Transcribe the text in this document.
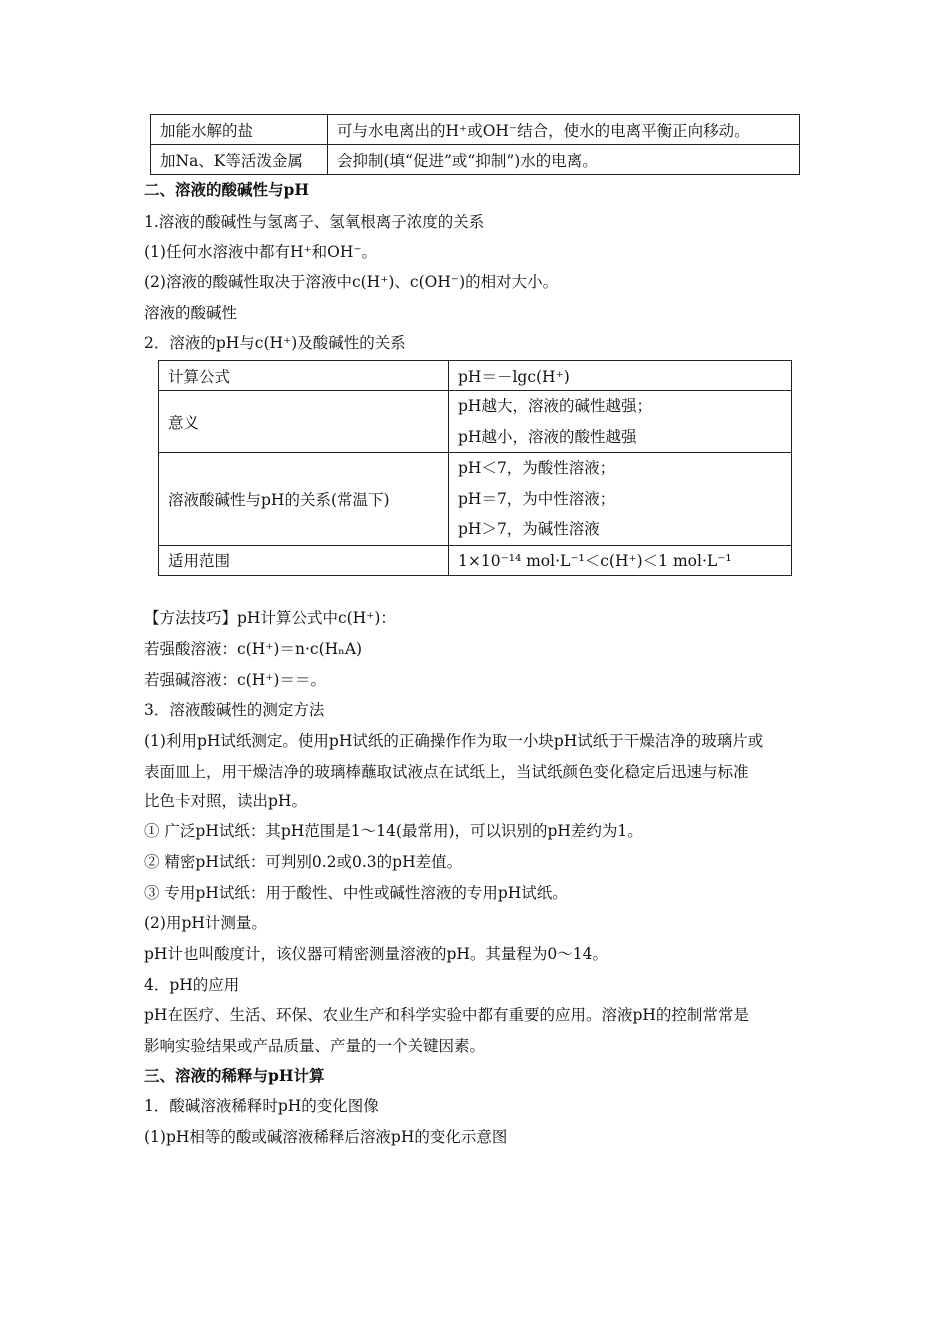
加能水解的盐	可与水电离出的H⁺或OH⁻结合，使水的电离平衡正向移动。
加Na、K等活泼金属	会抑制(填“促进”或“抑制”)水的电离。
二、溶液的酸碱性与pH
1.溶液的酸碱性与氢离子、氢氧根离子浓度的关系
(1)任何水溶液中都有H⁺和OH⁻。
(2)溶液的酸碱性取决于溶液中c(H⁺)、c(OH⁻)的相对大小。
溶液的酸碱性
2．溶液的pH与c(H⁺)及酸碱性的关系
计算公式	pH＝－lgc(H⁺)
意义	pH越大，溶液的碱性越强；
pH越小，溶液的酸性越强

溶液酸碱性与pH的关系(常温下)	pH＜7，为酸性溶液；
pH＝7，为中性溶液；
pH＞7，为碱性溶液

适用范围	1×10⁻¹⁴ mol·L⁻¹＜c(H⁺)＜1 mol·L⁻¹
【方法技巧】pH计算公式中c(H⁺)：
若强酸溶液：c(H⁺)＝n·c(HₙA)
若强碱溶液：c(H⁺)＝＝。
3．溶液酸碱性的测定方法
(1)利用pH试纸测定。使用pH试纸的正确操作作为取一小块pH试纸于干燥洁净的玻璃片或
表面皿上，用干燥洁净的玻璃棒蘸取试液点在试纸上，当试纸颜色变化稳定后迅速与标准
比色卡对照，读出pH。
① 广泛pH试纸：其pH范围是1～14(最常用)，可以识别的pH差约为1。
② 精密pH试纸：可判别0.2或0.3的pH差值。
③ 专用pH试纸：用于酸性、中性或碱性溶液的专用pH试纸。
(2)用pH计测量。
pH计也叫酸度计，该仪器可精密测量溶液的pH。其量程为0～14。
4．pH的应用
pH在医疗、生活、环保、农业生产和科学实验中都有重要的应用。溶液pH的控制常常是
影响实验结果或产品质量、产量的一个关键因素。
三、溶液的稀释与pH计算
1．酸碱溶液稀释时pH的变化图像
(1)pH相等的酸或碱溶液稀释后溶液pH的变化示意图
